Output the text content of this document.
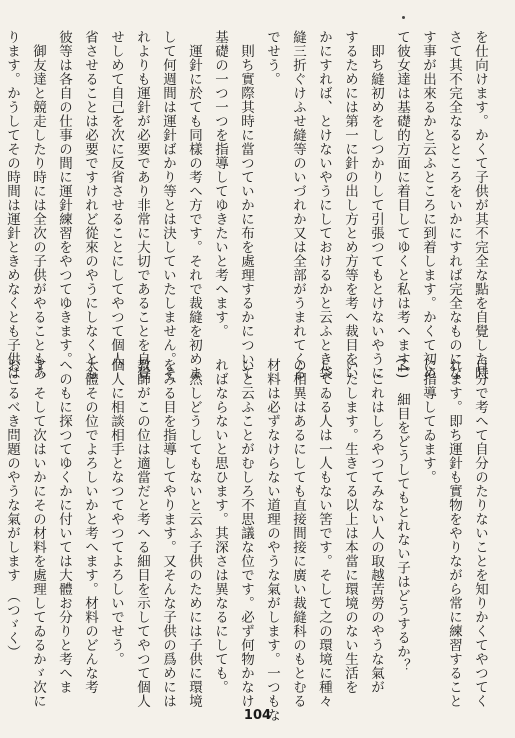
を仕向けます。かくて子供が其不完全な點を自覺した時
さて其不完全なるところをいかにすれば完全なものにな
す事が出來るかと云ふところに到着します。かくて初め
て彼女達は基礎的方面に着目してゆくと私は考へます。
　即ち縫初めをしつかりして引張つてもとけないやうに
するためには第一に針の出し方とめ方等を考へ裁目をい
かにすれば、とけないやうにしておけるかと云ふとき袋
縫三折ぐけふせ縫等のいづれか又は全部がうまれてくる
でせう。
　則ち實際其時に當つていかに布を處理するかについて
基礎の一つ一つを指導してゆきたいと考へます。
　運針に於ても同樣の考へ方です。それで裁縫を初めま
して何週間は運針ばかり等とは決していたしません。そ
れよりも運針が必要であり非常に大切であることを自覺
せしめて自己を次に反省させることにしてやつて個人
省させることは必要ですけれど從來のやうにしなくとも
彼等は各自の仕事の間に運針練習をやつてゆきます。
　御友達と競走したり時には全次の子供がやることもあ
ります。かうしてその時間は運針ときめなくとも子供は
自分で考へて自分のたりないことを知りかくてやつてく
れます。即ち運針も實物をやりながら常に練習すること
に指導してゐます。
(4)　細目をどうしてもとれない子はどうするか？
　これはしろやつてみない人の取越苦勞のやうな氣が
いたします。生きてる以上は本當に環境のない生活を
してゐる人は一人もない筈です。そして之の環境に種々
の相異はあるにしても直接間接に廣い裁縫科のもとむる
材料は必ずなけらない道理のやうな氣がします。一つもな
いと云ふことがむしろ不思議な位です。必ず何物かなけ
ればならないと思ひます。其深さは異なるにしても。
　然しどうしてもないと云ふ子供のためには子供に環境
をみる目を指導してやります。又そんな子供の爲めには
教師がこの位は適當だと考へる細目を示してやつて個人
個人に相談相手となつてやつてよろしいでせう。
大體その位でよろしいかと考へます。材料のどんな考
へのもに探つてゆくかに付いては大體お分りと考へま
す。そして次はいかにその材料を處理してゐるかゞ次に
おこるべき問題のやうな氣がします　（つゞく）
104
